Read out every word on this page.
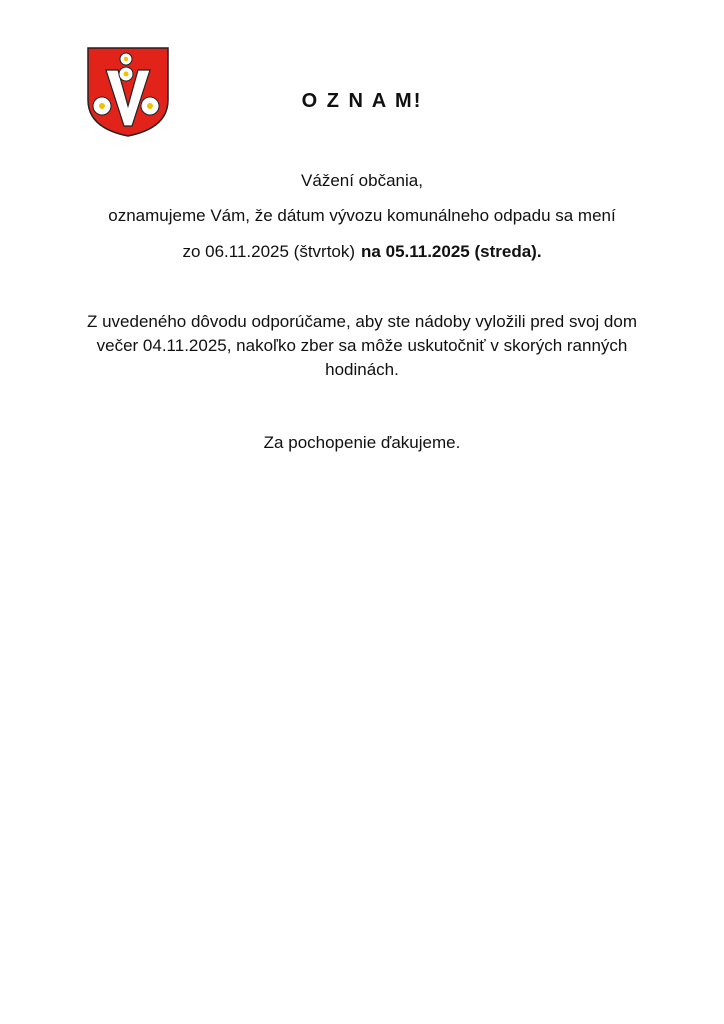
O Z N A M!
Vážení občania,
oznamujeme Vám, že dátum vývozu komunálneho odpadu sa mení
zo 06.11.2025 (štvrtok) na 05.11.2025 (streda).
Z uvedeného dôvodu odporúčame, aby ste nádoby vyložili pred svoj dom večer 04.11.2025, nakoľko zber sa môže uskutočniť v skorých ranných hodinách.
Za pochopenie ďakujeme.
